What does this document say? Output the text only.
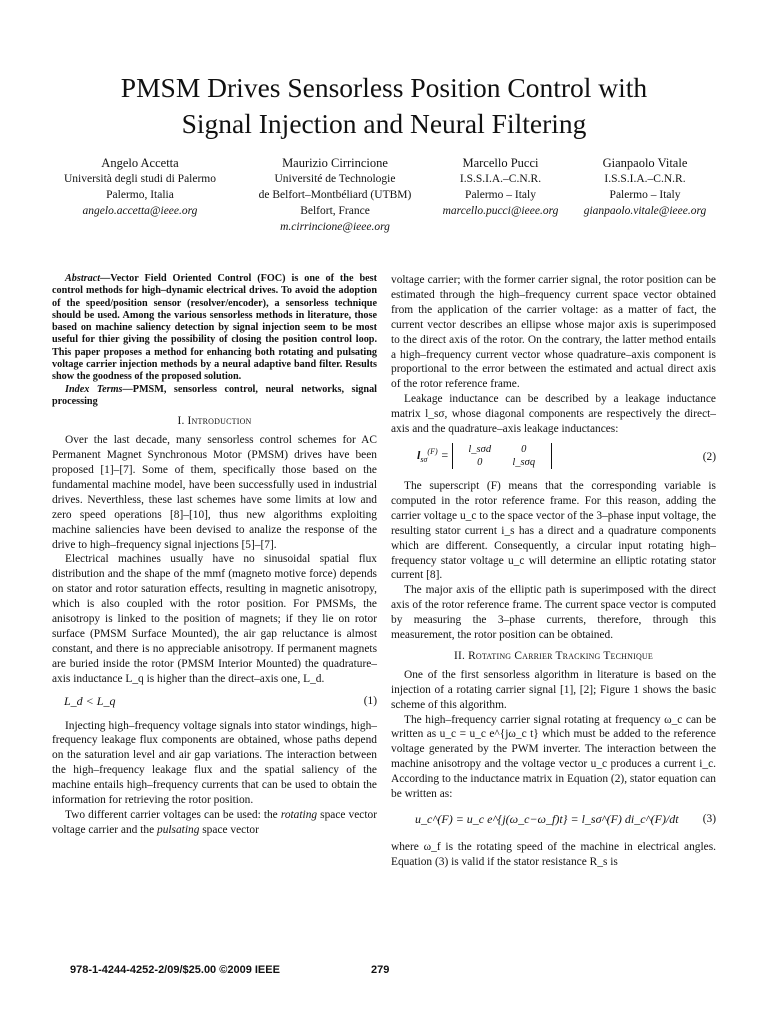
PMSM Drives Sensorless Position Control with
Signal Injection and Neural Filtering
Angelo Accetta
Università degli studi di Palermo
Palermo, Italia
angelo.accetta@ieee.org
Maurizio Cirrincione
Université de Technologie
de Belfort–Montbéliard (UTBM)
Belfort, France
m.cirrincione@ieee.org
Marcello Pucci
I.S.S.I.A.–C.N.R.
Palermo – Italy
marcello.pucci@ieee.org
Gianpaolo Vitale
I.S.S.I.A.–C.N.R.
Palermo – Italy
gianpaolo.vitale@ieee.org

Abstract—Vector Field Oriented Control (FOC) is one of the best control methods for high–dynamic electrical drives. To avoid the adoption of the speed/position sensor (resolver/encoder), a sensorless technique should be used. Among the various sensorless methods in literature, those based on machine saliency detection by signal injection seem to be most useful for thier giving the possibility of closing the position control loop. This paper proposes a method for enhancing both rotating and pulsating voltage carrier injection methods by a neural adaptive band filter. Results show the goodness of the proposed solution.

Index Terms—PMSM, sensorless control, neural networks, signal processing

I. Introduction

Over the last decade, many sensorless control schemes for AC Permanent Magnet Synchronous Motor (PMSM) drives have been proposed [1]–[7]. Some of them, specifically those based on the fundamental machine model, have been successfully used in industrial drives. Neverthless, these last schemes have some limits at low and zero speed operations [8]–[10], thus new algorithms exploiting machine saliencies have been devised to analize the response of the drive to high–frequency signal injections [5]–[7].

Electrical machines usually have no sinusoidal spatial flux distribution and the shape of the mmf (magneto motive force) depends on stator and rotor saturation effects, resulting in magnetic anisotropy, which is also coupled with the rotor position. For PMSMs, the anisotropy is linked to the position of magnets; if they lie on rotor surface (PMSM Surface Mounted), the air gap reluctance is almost constant, and there is no appreciable anisotropy. If permanent magnets are buried inside the rotor (PMSM Interior Mounted) the quadrature–axis inductance L_q is higher than the direct–axis one, L_d.

L_d < L_q	(1)

Injecting high–frequency voltage signals into stator windings, high–frequency leakage flux components are obtained, whose paths depend on the saturation level and air gap variations. The interaction between the high–frequency leakage flux and the spatial saliency of the machine entails high–frequency currents that can be used to obtain the information for retrieving the rotor position.

Two different carrier voltages can be used: the rotating space vector voltage carrier and the pulsating space vector

voltage carrier; with the former carrier signal, the rotor position can be estimated through the high–frequency current space vector obtained from the application of the carrier voltage: as a matter of fact, the current vector describes an ellipse whose major axis is superimposed to the direct axis of the rotor. On the contrary, the latter method entails a high–frequency current vector whose quadrature–axis component is proportional to the error between the estimated and actual direct axis of the rotor reference frame.

Leakage inductance can be described by a leakage inductance matrix l_sσ, whose diagonal components are respectively the direct–axis and the quadrature–axis leakage inductances:

$l_{s\sigma}^{(F)}$ = l_sσd	0
0	l_sσq	(2)

The superscript (F) means that the corresponding variable is computed in the rotor reference frame. For this reason, adding the carrier voltage u_c to the space vector of the 3–phase input voltage, the resulting stator current i_s has a direct and a quadrature components which are different. Consequently, a circular input rotating high–frequency stator voltage u_c will determine an elliptic rotating stator current [8].

The major axis of the elliptic path is superimposed with the direct axis of the rotor reference frame. The current space vector is computed by measuring the 3–phase currents, therefore, through this measurement, the rotor position can be obtained.

II. Rotating Carrier Tracking Technique

One of the first sensorless algorithm in literature is based on the injection of a rotating carrier signal [1], [2]; Figure 1 shows the basic scheme of this algorithm.

The high–frequency carrier signal rotating at frequency ω_c can be written as u_c = u_c e^{jω_c t} which must be added to the reference voltage generated by the PWM inverter. The interaction between the machine anisotropy and the voltage vector u_c produces a current i_c. According to the inductance matrix in Equation (2), stator equation can be written as:

u_c^(F) = u_c e^{j(ω_c−ω_f)t} = l_sσ^(F) di_c^(F)/dt (3)

where ω_f is the rotating speed of the machine in electrical angles. Equation (3) is valid if the stator resistance R_s is

978-1-4244-4252-2/09/$25.00 ©2009 IEEE	279
